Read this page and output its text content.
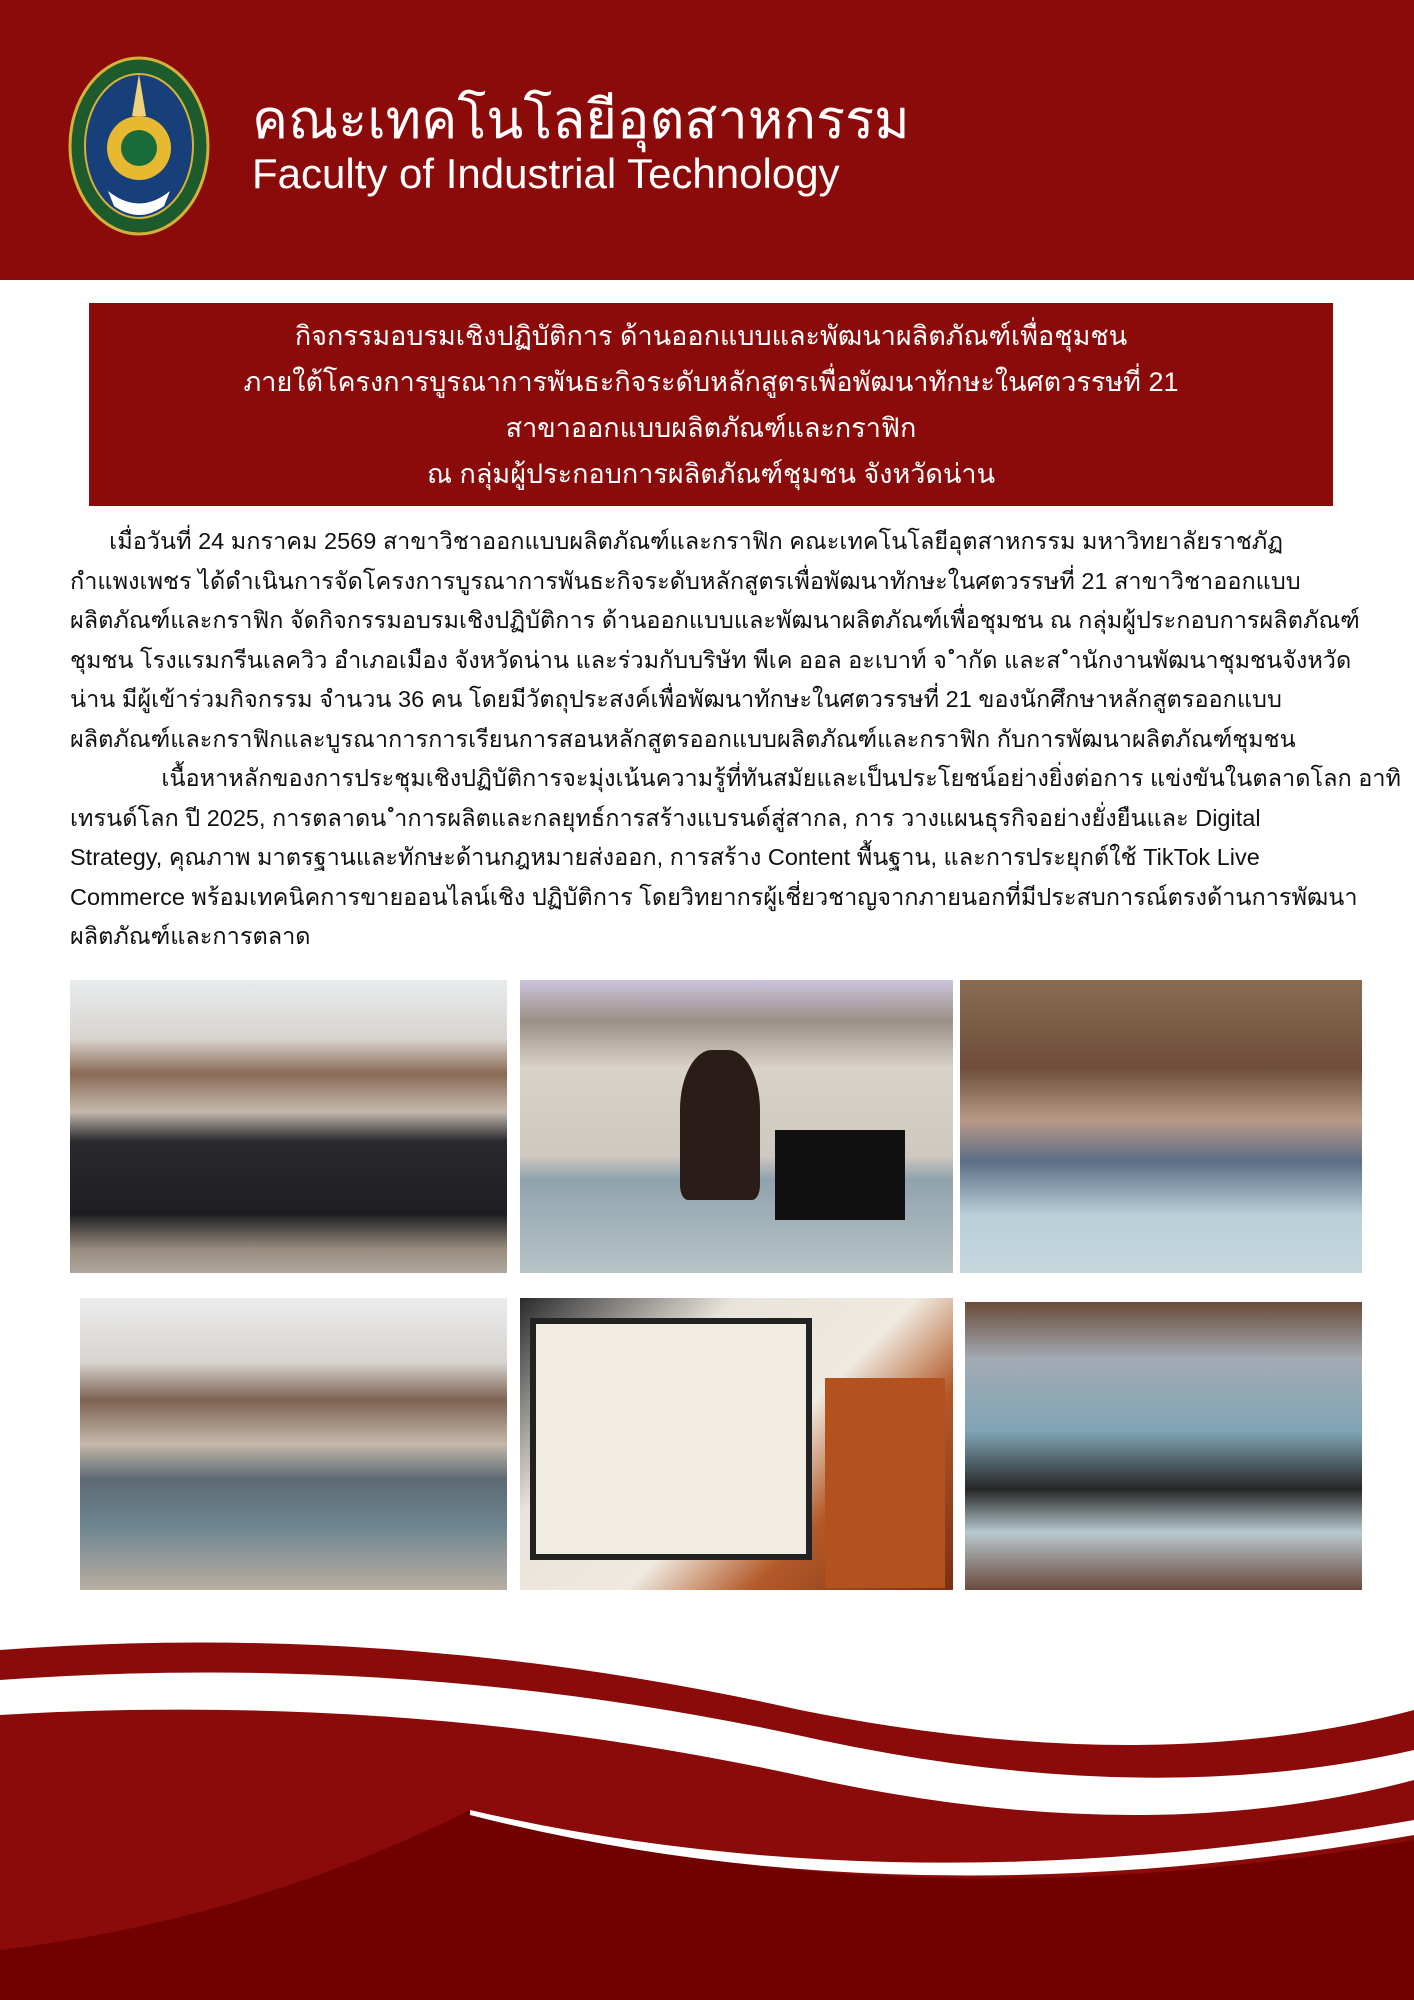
คณะเทคโนโลยีอุตสาหกรรม
Faculty of Industrial Technology
กิจกรรมอบรมเชิงปฏิบัติการ ด้านออกแบบและพัฒนาผลิตภัณฑ์เพื่อชุมชน
ภายใต้โครงการบูรณาการพันธะกิจระดับหลักสูตรเพื่อพัฒนาทักษะในศตวรรษที่ 21
สาขาออกแบบผลิตภัณฑ์และกราฟิก
ณ กลุ่มผู้ประกอบการผลิตภัณฑ์ชุมชน จังหวัดน่าน
เมื่อวันที่ 24 มกราคม 2569 สาขาวิชาออกแบบผลิตภัณฑ์และกราฟิก คณะเทคโนโลยีอุตสาหกรรม มหาวิทยาลัยราชภัฏ
กำแพงเพชร ได้ดำเนินการจัดโครงการบูรณาการพันธะกิจระดับหลักสูตรเพื่อพัฒนาทักษะในศตวรรษที่ 21 สาขาวิชาออกแบบ
ผลิตภัณฑ์และกราฟิก จัดกิจกรรมอบรมเชิงปฏิบัติการ ด้านออกแบบและพัฒนาผลิตภัณฑ์เพื่อชุมชน ณ กลุ่มผู้ประกอบการผลิตภัณฑ์
ชุมชน โรงแรมกรีนเลควิว อำเภอเมือง จังหวัดน่าน และร่วมกับบริษัท พีเค ออล อะเบาท์ จ ำกัด และส ำนักงานพัฒนาชุมชนจังหวัด
น่าน มีผู้เข้าร่วมกิจกรรม จำนวน 36 คน โดยมีวัตถุประสงค์เพื่อพัฒนาทักษะในศตวรรษที่ 21 ของนักศึกษาหลักสูตรออกแบบ
ผลิตภัณฑ์และกราฟิกและบูรณาการการเรียนการสอนหลักสูตรออกแบบผลิตภัณฑ์และกราฟิก กับการพัฒนาผลิตภัณฑ์ชุมชน
เนื้อหาหลักของการประชุมเชิงปฏิบัติการจะมุ่งเน้นความรู้ที่ทันสมัยและเป็นประโยชน์อย่างยิ่งต่อการ แข่งขันในตลาดโลก อาทิ
เทรนด์โลก ปี 2025, การตลาดน ำการผลิตและกลยุทธ์การสร้างแบรนด์สู่สากล, การ วางแผนธุรกิจอย่างยั่งยืนและ Digital
Strategy, คุณภาพ มาตรฐานและทักษะด้านกฎหมายส่งออก, การสร้าง Content พื้นฐาน, และการประยุกต์ใช้ TikTok Live
Commerce พร้อมเทคนิคการขายออนไลน์เชิง ปฏิบัติการ โดยวิทยากรผู้เชี่ยวชาญจากภายนอกที่มีประสบการณ์ตรงด้านการพัฒนา
ผลิตภัณฑ์และการตลาด
